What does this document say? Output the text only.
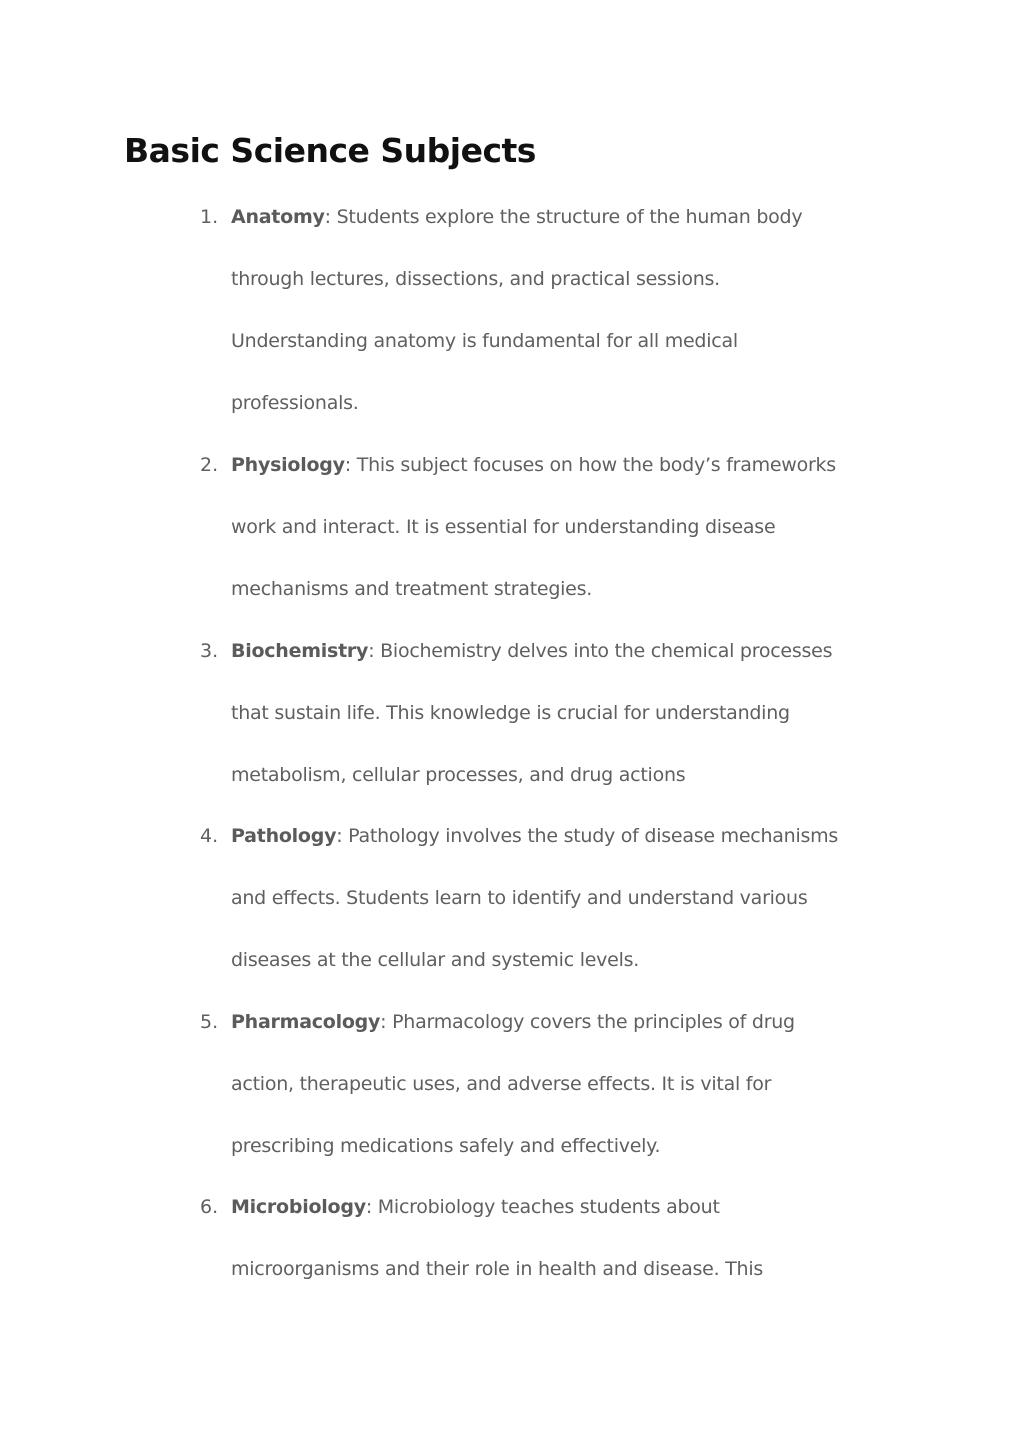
Basic Science Subjects
1. Anatomy: Students explore the structure of the human body
through lectures, dissections, and practical sessions.
Understanding anatomy is fundamental for all medical
professionals.
2. Physiology: This subject focuses on how the body’s frameworks
work and interact. It is essential for understanding disease
mechanisms and treatment strategies.
3. Biochemistry: Biochemistry delves into the chemical processes
that sustain life. This knowledge is crucial for understanding
metabolism, cellular processes, and drug actions
4. Pathology: Pathology involves the study of disease mechanisms
and effects. Students learn to identify and understand various
diseases at the cellular and systemic levels.
5. Pharmacology: Pharmacology covers the principles of drug
action, therapeutic uses, and adverse effects. It is vital for
prescribing medications safely and effectively.
6. Microbiology: Microbiology teaches students about
microorganisms and their role in health and disease. This
